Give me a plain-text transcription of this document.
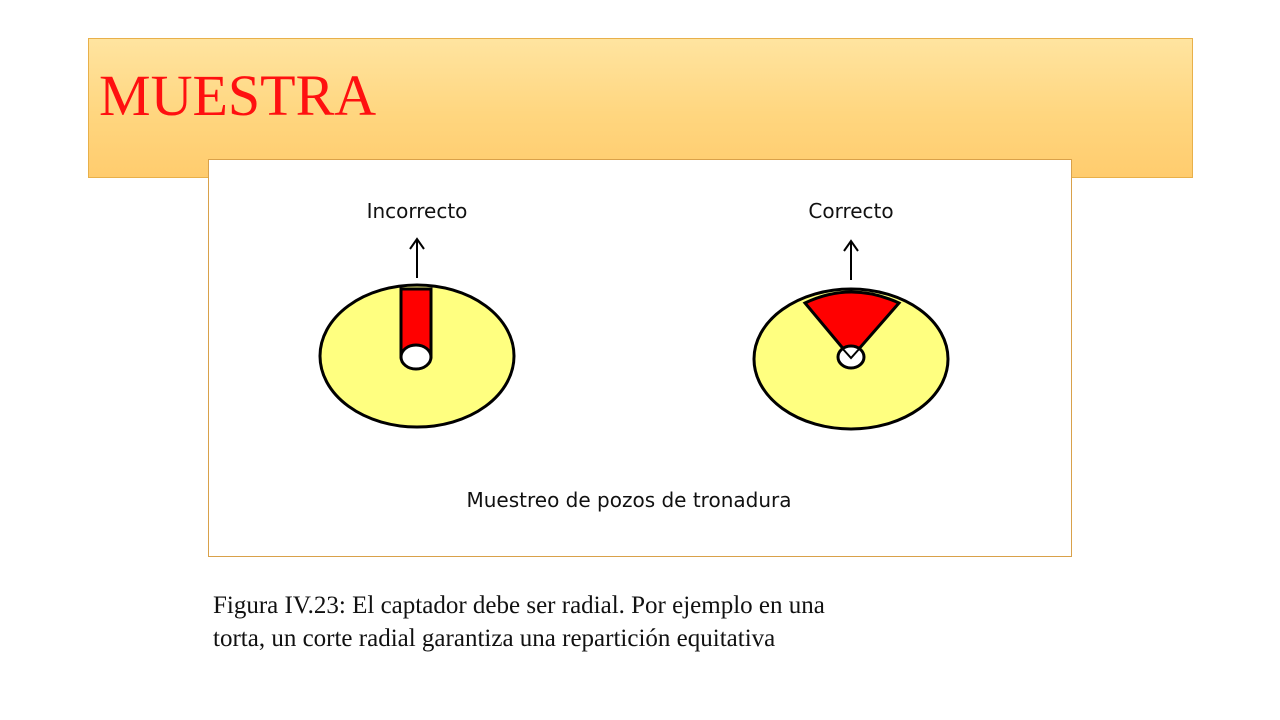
MUESTRA
Incorrecto	Correcto
Muestreo de pozos de tronadura
Figura IV.23: El captador debe ser radial. Por ejemplo en una
torta, un corte radial garantiza una repartición equitativa
